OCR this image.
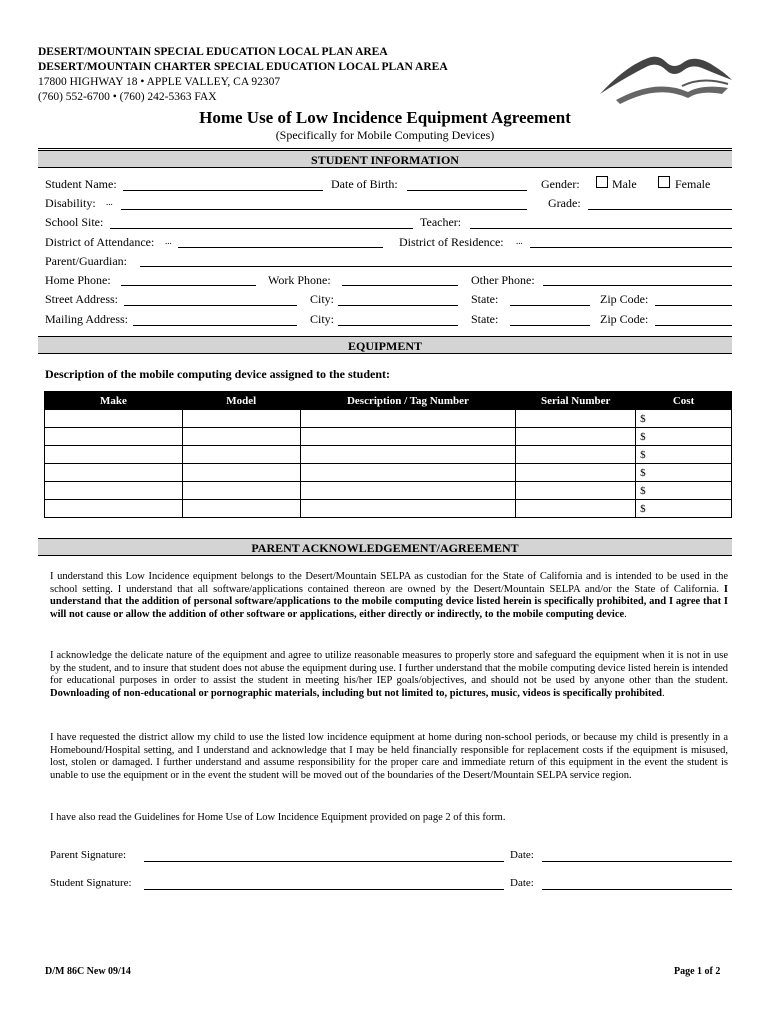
DESERT/MOUNTAIN SPECIAL EDUCATION LOCAL PLAN AREA
DESERT/MOUNTAIN CHARTER SPECIAL EDUCATION LOCAL PLAN AREA
17800 HIGHWAY 18 • APPLE VALLEY, CA 92307
(760) 552-6700 • (760) 242-5363 FAX
Home Use of Low Incidence Equipment Agreement
(Specifically for Mobile Computing Devices)
STUDENT INFORMATION
Student Name:	Date of Birth:	Gender:	Male	Female
Disability: ...	Grade:
School Site:	Teacher:
District of Attendance: ...	District of Residence: ...
Parent/Guardian:
Home Phone:	Work Phone:	Other Phone:
Street Address:	City:	State:	Zip Code:
Mailing Address:	City:	State:	Zip Code:
EQUIPMENT
Description of the mobile computing device assigned to the student:
Make	Model	Description / Tag Number	Serial Number	Cost
				$
				$
				$
				$
				$
				$
PARENT ACKNOWLEDGEMENT/AGREEMENT
I understand this Low Incidence equipment belongs to the Desert/Mountain SELPA as custodian for the State of California and is intended to be used in the school setting. I understand that all software/applications contained thereon are owned by the Desert/Mountain SELPA and/or the State of California. I understand that the addition of personal software/applications to the mobile computing device listed herein is specifically prohibited, and I agree that I will not cause or allow the addition of other software or applications, either directly or indirectly, to the mobile computing device.
I acknowledge the delicate nature of the equipment and agree to utilize reasonable measures to properly store and safeguard the equipment when it is not in use by the student, and to insure that student does not abuse the equipment during use. I further understand that the mobile computing device listed herein is intended for educational purposes in order to assist the student in meeting his/her IEP goals/objectives, and should not be used by anyone other than the student. Downloading of non-educational or pornographic materials, including but not limited to, pictures, music, videos is specifically prohibited.
I have requested the district allow my child to use the listed low incidence equipment at home during non-school periods, or because my child is presently in a Homebound/Hospital setting, and I understand and acknowledge that I may be held financially responsible for replacement costs if the equipment is misused, lost, stolen or damaged. I further understand and assume responsibility for the proper care and immediate return of this equipment in the event the student is unable to use the equipment or in the event the student will be moved out of the boundaries of the Desert/Mountain SELPA service region.
I have also read the Guidelines for Home Use of Low Incidence Equipment provided on page 2 of this form.
Parent Signature:	Date:
Student Signature:	Date:
D/M 86C New 09/14	Page 1 of 2
